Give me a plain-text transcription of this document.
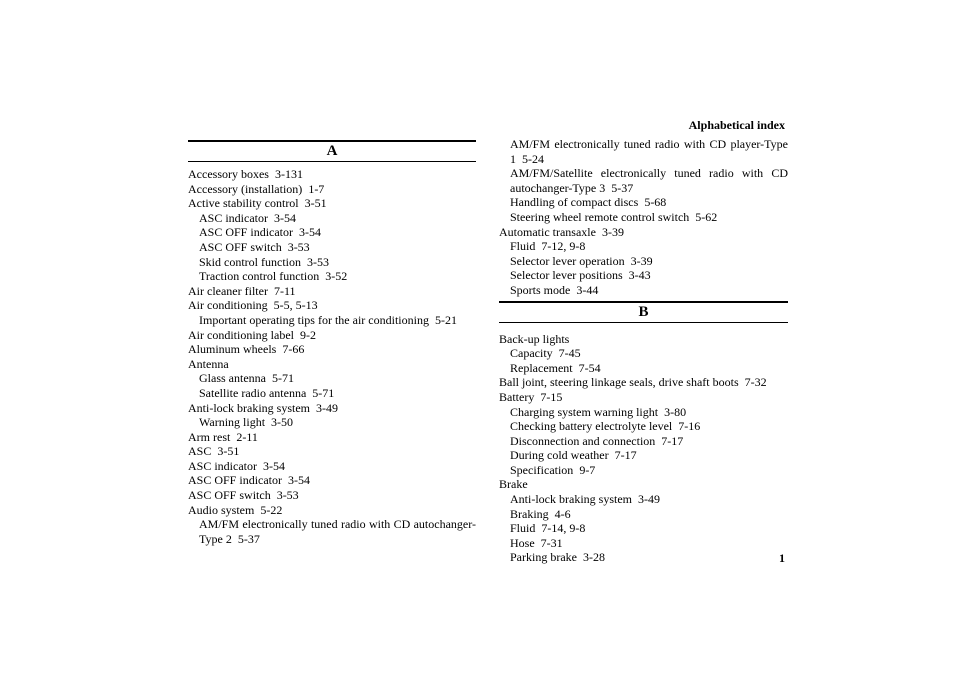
Alphabetical index
A
Accessory boxes 3-131
Accessory (installation) 1-7
Active stability control 3-51
ASC indicator 3-54
ASC OFF indicator 3-54
ASC OFF switch 3-53
Skid control function 3-53
Traction control function 3-52
Air cleaner filter 7-11
Air conditioning 5-5, 5-13
Important operating tips for the air conditioning 5-21
Air conditioning label 9-2
Aluminum wheels 7-66
Antenna
Glass antenna 5-71
Satellite radio antenna 5-71
Anti-lock braking system 3-49
Warning light 3-50
Arm rest 2-11
ASC 3-51
ASC indicator 3-54
ASC OFF indicator 3-54
ASC OFF switch 3-53
Audio system 5-22
AM/FM electronically tuned radio with CD autochanger-Type 2 5-37
AM/FM electronically tuned radio with CD player-Type 1 5-24
AM/FM/Satellite electronically tuned radio with CD autochanger-Type 3 5-37
Handling of compact discs 5-68
Steering wheel remote control switch 5-62
Automatic transaxle 3-39
Fluid 7-12, 9-8
Selector lever operation 3-39
Selector lever positions 3-43
Sports mode 3-44
B
Back-up lights
Capacity 7-45
Replacement 7-54
Ball joint, steering linkage seals, drive shaft boots 7-32
Battery 7-15
Charging system warning light 3-80
Checking battery electrolyte level 7-16
Disconnection and connection 7-17
During cold weather 7-17
Specification 9-7
Brake
Anti-lock braking system 3-49
Braking 4-6
Fluid 7-14, 9-8
Hose 7-31
Parking brake 3-28	1
